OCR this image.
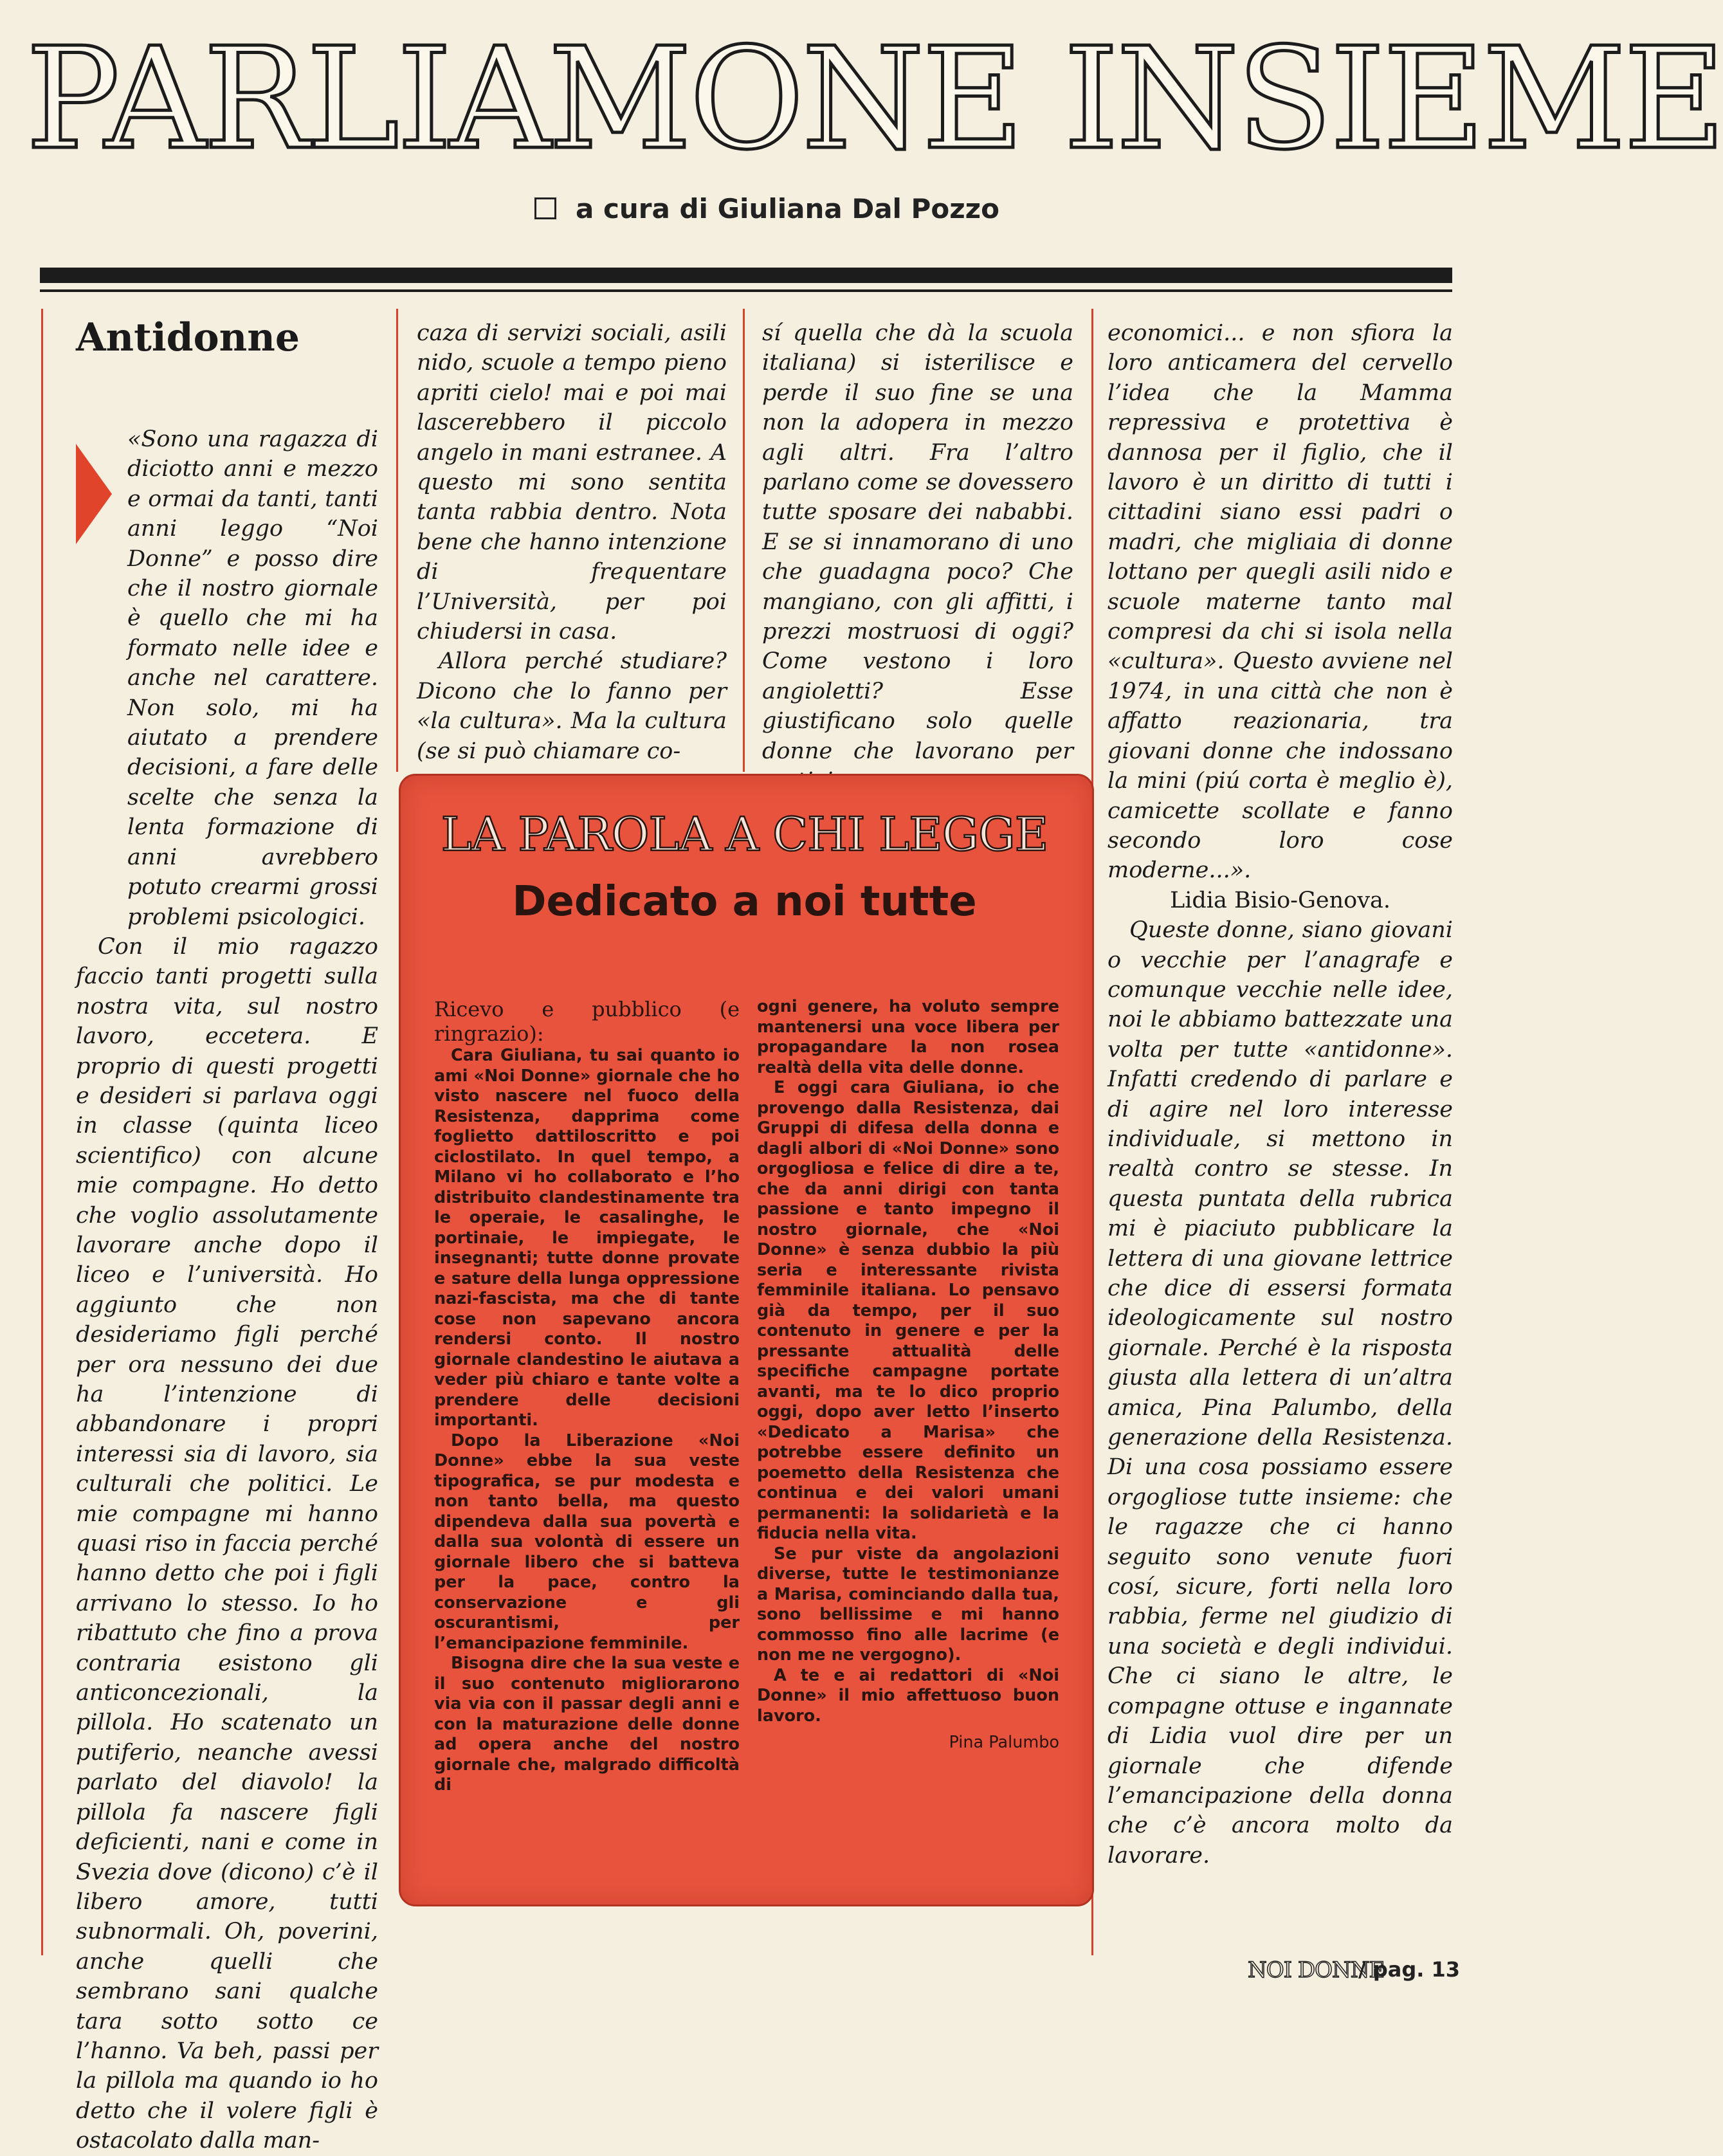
PARLIAMONE INSIEME
a cura di Giuliana Dal Pozzo
Antidonne

«Sono una ragazza di diciotto anni e mezzo e ormai da tanti, tanti anni leggo “Noi Donne” e posso dire che il nostro giornale è quello che mi ha formato nelle idee e anche nel carattere. Non solo, mi ha aiutato a prendere decisioni, a fare delle scelte che senza la lenta formazione di anni avrebbero potuto crearmi grossi problemi psicologici.

Con il mio ragazzo faccio tanti progetti sulla nostra vita, sul nostro lavoro, eccetera. E proprio di questi progetti e desideri si parlava oggi in classe (quinta liceo scientifico) con alcune mie compagne. Ho detto che voglio assolutamente lavorare anche dopo il liceo e l’università. Ho aggiunto che non desideriamo figli perché per ora nessuno dei due ha l’intenzione di abbandonare i propri interessi sia di lavoro, sia culturali che politici. Le mie compagne mi hanno quasi riso in faccia perché hanno detto che poi i figli arrivano lo stesso. Io ho ribattuto che fino a prova contraria esistono gli anticoncezionali, la pillola. Ho scatenato un putiferio, neanche avessi parlato del diavolo! la pillola fa nascere figli deficienti, nani e come in Svezia dove (dicono) c’è il libero amore, tutti subnormali. Oh, poverini, anche quelli che sembrano sani qualche tara sotto sotto ce l’hanno. Va beh, passi per la pillola ma quando io ho detto che il volere figli è ostacolato dalla man-

caza di servizi sociali, asili nido, scuole a tempo pieno apriti cielo! mai e poi mai lascerebbero il piccolo angelo in mani estranee. A questo mi sono sentita tanta rabbia dentro. Nota bene che hanno intenzione di frequentare l’Università, per poi chiudersi in casa.

Allora perché studiare? Dicono che lo fanno per «la cultura». Ma la cultura (se si può chiamare co-

sí quella che dà la scuola italiana) si isterilisce e perde il suo fine se una non la adopera in mezzo agli altri. Fra l’altro parlano come se dovessero tutte sposare dei nababbi. E se si innamorano di uno che guadagna poco? Che mangiano, con gli affitti, i prezzi mostruosi di oggi? Come vestono i loro angioletti? Esse giustificano solo quelle donne che lavorano per

economici... e non sfiora la loro anticamera del cervello l’idea che la Mamma repressiva e protettiva è dannosa per il figlio, che il lavoro è un diritto di tutti i cittadini siano essi padri o madri, che migliaia di donne lottano per quegli asili nido e scuole materne tanto mal compresi da chi si isola nella «cultura». Questo avviene nel 1974, in una città che non è affatto reazionaria, tra giovani donne che indossano la mini (piú corta è meglio è), camicette scollate e fanno secondo loro cose moderne...».

Lidia Bisio-Genova.

Queste donne, siano giovani o vecchie per l’anagrafe e comunque vecchie nelle idee, noi le abbiamo battezzate una volta per tutte «antidonne». Infatti credendo di parlare e di agire nel loro interesse individuale, si mettono in realtà contro se stesse. In questa puntata della rubrica mi è piaciuto pubblicare la lettera di una giovane lettrice che dice di essersi formata ideologicamente sul nostro giornale. Perché è la risposta giusta alla lettera di un’altra amica, Pina Palumbo, della generazione della Resistenza. Di una cosa possiamo essere orgogliose tutte insieme: che le ragazze che ci hanno seguito sono venute fuori cosí, sicure, forti nella loro rabbia, ferme nel giudizio di una società e degli individui. Che ci siano le altre, le compagne ottuse e ingannate di Lidia vuol dire per un giornale che difende l’emancipazione della donna che c’è ancora molto da lavorare.

LA PAROLA A CHI LEGGE
Dedicato a noi tutte

Ricevo e pubblico (e ringrazio):

Cara Giuliana, tu sai quanto io ami «Noi Donne» giornale che ho visto nascere nel fuoco della Resistenza, dapprima come foglietto dattiloscritto e poi ciclostilato. In quel tempo, a Milano vi ho collaborato e l’ho distribuito clandestinamente tra le operaie, le casalinghe, le portinaie, le impiegate, le insegnanti; tutte donne provate e sature della lunga oppressione nazi-fascista, ma che di tante cose non sapevano ancora rendersi conto. Il nostro giornale clandestino le aiutava a veder più chiaro e tante volte a prendere delle decisioni importanti.

Dopo la Liberazione «Noi Donne» ebbe la sua veste tipografica, se pur modesta e non tanto bella, ma questo dipendeva dalla sua povertà e dalla sua volontà di essere un giornale libero che si batteva per la pace, contro la conservazione e gli oscurantismi, per l’emancipazione femminile.

Bisogna dire che la sua veste e il suo contenuto migliorarono via via con il passar degli anni e con la maturazione delle donne ad opera anche del nostro giornale che, malgrado difficoltà di

ogni genere, ha voluto sempre mantenersi una voce libera per propagandare la non rosea realtà della vita delle donne.

E oggi cara Giuliana, io che provengo dalla Resistenza, dai Gruppi di difesa della donna e dagli albori di «Noi Donne» sono orgogliosa e felice di dire a te, che da anni dirigi con tanta passione e tanto impegno il nostro giornale, che «Noi Donne» è senza dubbio la più seria e interessante rivista femminile italiana. Lo pensavo già da tempo, per il suo contenuto in genere e per la pressante attualità delle specifiche campagne portate avanti, ma te lo dico proprio oggi, dopo aver letto l’inserto «Dedicato a Marisa» che potrebbe essere definito un poemetto della Resistenza che continua e dei valori umani permanenti: la solidarietà e la fiducia nella vita.

Se pur viste da angolazioni diverse, tutte le testimonianze a Marisa, cominciando dalla tua, sono bellissime e mi hanno commosso fino alle lacrime (e non me ne vergogno).

A te e ai redattori di «Noi Donne» il mio affettuoso buon lavoro.

Pina Palumbo

NOI DONNE
/ pag. 13
